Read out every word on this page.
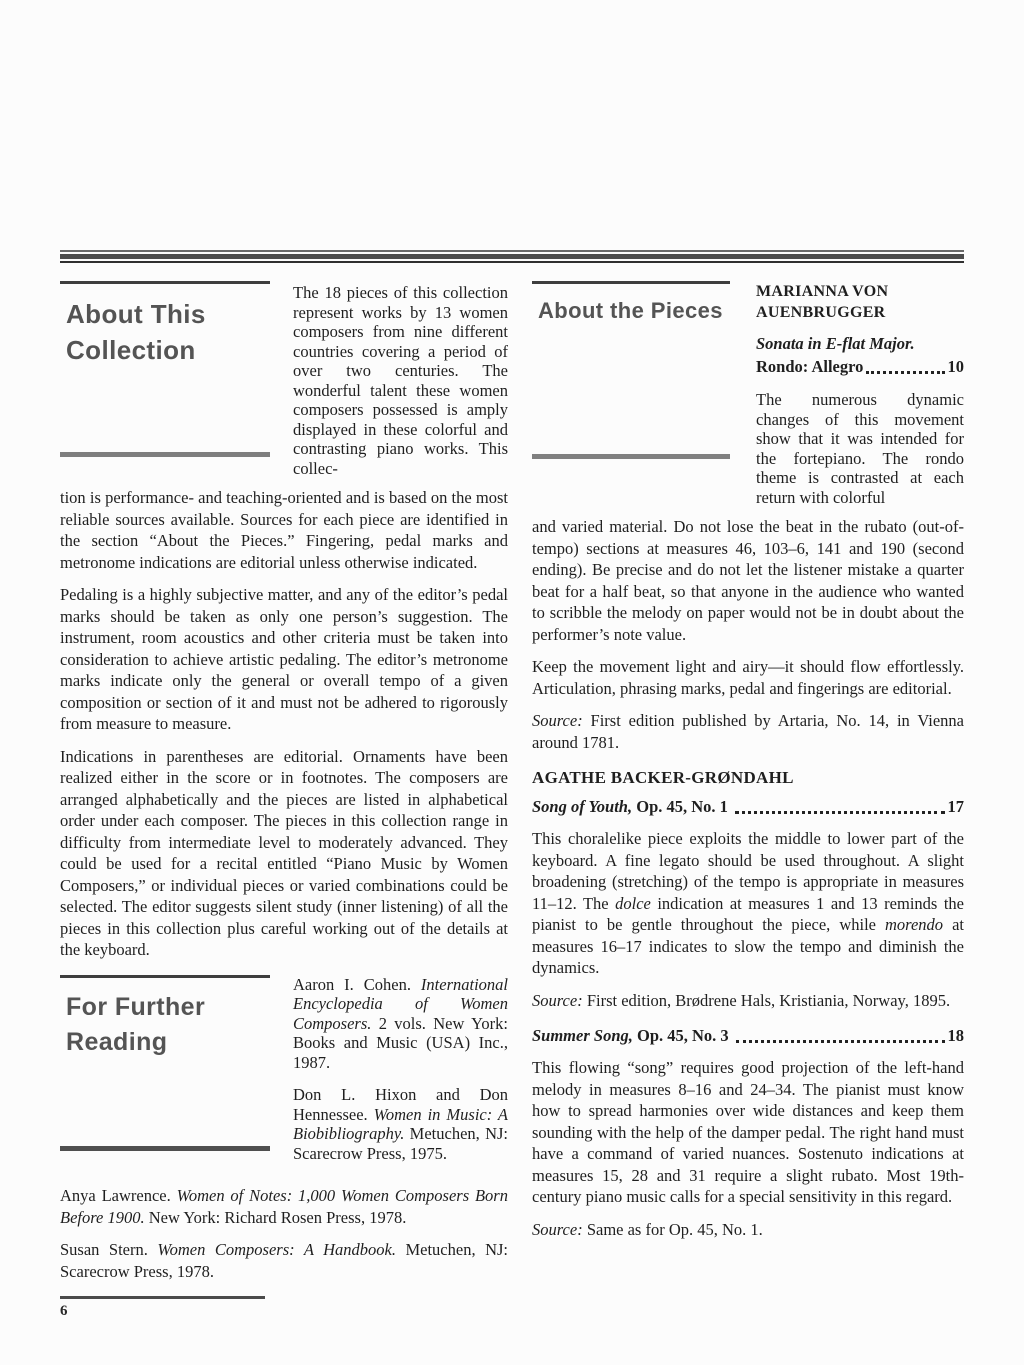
About This Collection

The 18 pieces of this collection represent works by 13 women composers from nine different countries covering a period of over two centuries. The wonderful talent these women composers possessed is amply displayed in these colorful and contrasting piano works. This collec-

tion is performance- and teaching-oriented and is based on the most reliable sources available. Sources for each piece are identified in the section “About the Pieces.” Fingering, pedal marks and metronome indications are editorial unless otherwise indicated.

Pedaling is a highly subjective matter, and any of the editor’s pedal marks should be taken as only one person’s suggestion. The instrument, room acoustics and other criteria must be taken into consideration to achieve artistic pedaling. The editor’s metronome marks indicate only the general or overall tempo of a given composition or section of it and must not be adhered to rigorously from measure to measure.

Indications in parentheses are editorial. Ornaments have been realized either in the score or in footnotes. The composers are arranged alphabetically and the pieces are listed in alphabetical order under each composer. The pieces in this collection range in difficulty from intermediate level to moderately advanced. They could be used for a recital entitled “Piano Music by Women Composers,” or individual pieces or varied combinations could be selected. The editor suggests silent study (inner listening) of all the pieces in this collection plus careful working out of the details at the keyboard.

For Further Reading

Aaron I. Cohen. International Encyclopedia of Women Composers. 2 vols. New York: Books and Music (USA) Inc., 1987.

Don L. Hixon and Don Hennessee. Women in Music: A Biobibliography. Metuchen, NJ: Scarecrow Press, 1975.

Anya Lawrence. Women of Notes: 1,000 Women Composers Born Before 1900. New York: Richard Rosen Press, 1978.

Susan Stern. Women Composers: A Handbook. Metuchen, NJ: Scarecrow Press, 1978.

About the Pieces
MARIANNA VON
AUENBRUGGER
Sonata in E-flat Major.
Rondo: Allegro	10

The numerous dynamic changes of this movement show that it was intended for the fortepiano. The rondo theme is contrasted at each return with colorful

and varied material. Do not lose the beat in the rubato (out-of-tempo) sections at measures 46, 103–6, 141 and 190 (second ending). Be precise and do not let the listener mistake a quarter beat for a half beat, so that anyone in the audience who wanted to scribble the melody on paper would not be in doubt about the performer’s note value.

Keep the movement light and airy—it should flow effortlessly. Articulation, phrasing marks, pedal and fingerings are editorial.

Source: First edition published by Artaria, No. 14, in Vienna around 1781.

AGATHE BACKER-GRØNDAHL
Song of Youth, Op. 45, No. 1	17

This choralelike piece exploits the middle to lower part of the keyboard. A fine legato should be used throughout. A slight broadening (stretching) of the tempo is appropriate in measures 11–12. The dolce indication at measures 1 and 13 reminds the pianist to be gentle throughout the piece, while morendo at measures 16–17 indicates to slow the tempo and diminish the dynamics.

Source: First edition, Brødrene Hals, Kristiania, Norway, 1895.

Summer Song, Op. 45, No. 3	18

This flowing “song” requires good projection of the left-hand melody in measures 8–16 and 24–34. The pianist must know how to spread harmonies over wide distances and keep them sounding with the help of the damper pedal. The right hand must have a command of varied nuances. Sostenuto indications at measures 15, 28 and 31 require a slight rubato. Most 19th-century piano music calls for a special sensitivity in this regard.

Source: Same as for Op. 45, No. 1.

6
